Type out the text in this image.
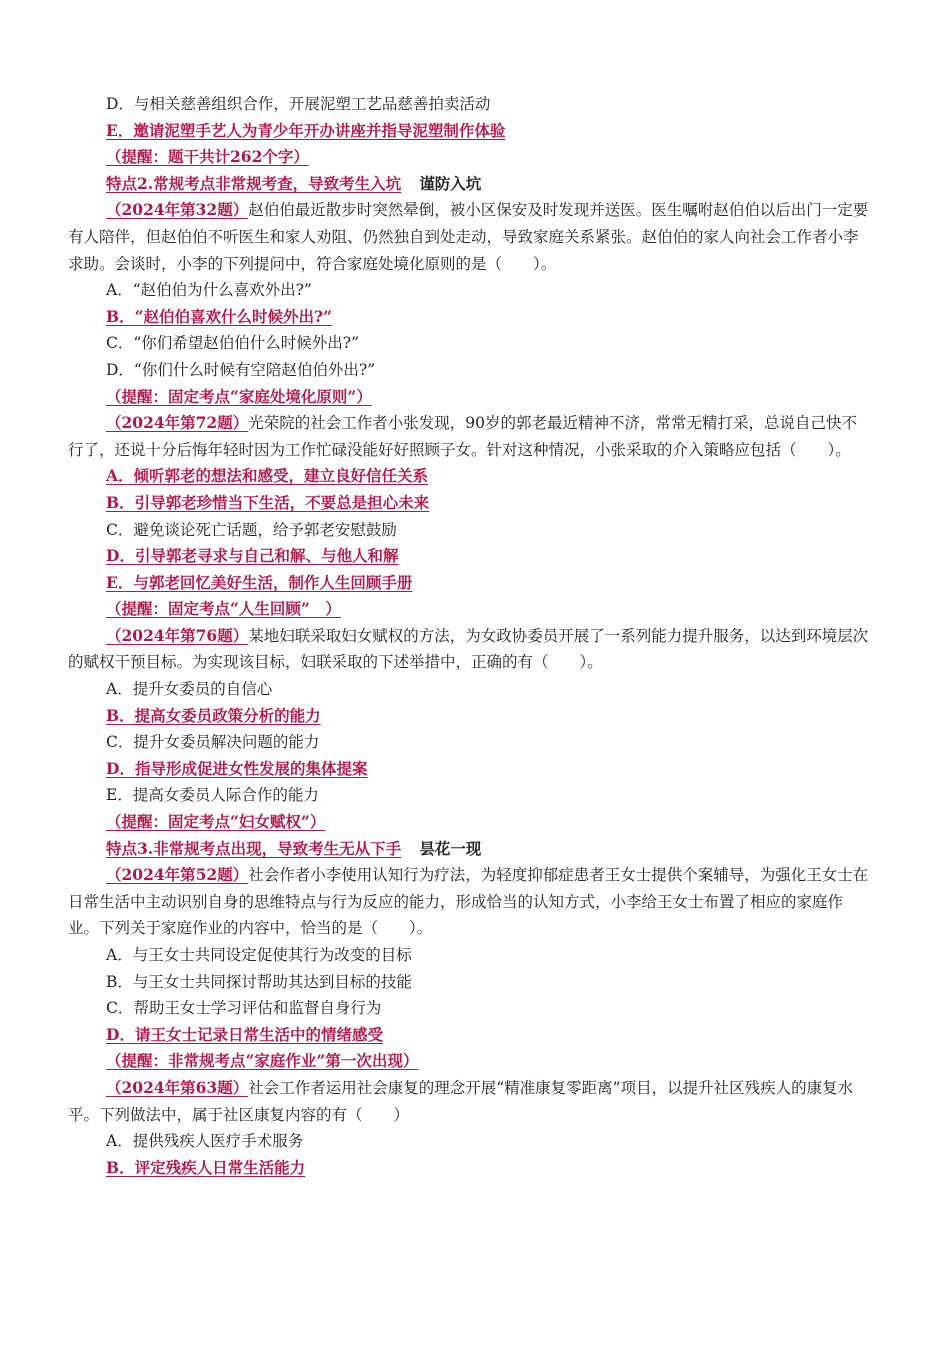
D．与相关慈善组织合作，开展泥塑工艺品慈善拍卖活动
E．邀请泥塑手艺人为青少年开办讲座并指导泥塑制作体验
（提醒：题干共计262个字）
特点2.常规考点非常规考查，导致考生入坑 谨防入坑
（2024年第32题）赵伯伯最近散步时突然晕倒，被小区保安及时发现并送医。医生嘱咐赵伯伯以后出门一定要有人陪伴，但赵伯伯不听医生和家人劝阻、仍然独自到处走动，导致家庭关系紧张。赵伯伯的家人向社会工作者小李求助。会谈时，小李的下列提问中，符合家庭处境化原则的是（　　）。
A．“赵伯伯为什么喜欢外出?”
B．“赵伯伯喜欢什么时候外出?”
C．“你们希望赵伯伯什么时候外出?”
D．“你们什么时候有空陪赵伯伯外出?”
（提醒：固定考点“家庭处境化原则”）
（2024年第72题）光荣院的社会工作者小张发现，90岁的郭老最近精神不济，常常无精打采，总说自己快不行了，还说十分后悔年轻时因为工作忙碌没能好好照顾子女。针对这种情况，小张采取的介入策略应包括（　　）。
A．倾听郭老的想法和感受，建立良好信任关系
B．引导郭老珍惜当下生活，不要总是担心未来
C．避免谈论死亡话题，给予郭老安慰鼓励
D．引导郭老寻求与自己和解、与他人和解
E．与郭老回忆美好生活，制作人生回顾手册
（提醒：固定考点“人生回顾”　）
（2024年第76题）某地妇联采取妇女赋权的方法，为女政协委员开展了一系列能力提升服务，以达到环境层次的赋权干预目标。为实现该目标，妇联采取的下述举措中，正确的有（　　）。
A．提升女委员的自信心
B．提高女委员政策分析的能力
C．提升女委员解决问题的能力
D．指导形成促进女性发展的集体提案
E．提高女委员人际合作的能力
（提醒：固定考点“妇女赋权”）
特点3.非常规考点出现，导致考生无从下手 昙花一现
（2024年第52题）社会作者小李使用认知行为疗法，为轻度抑郁症患者王女士提供个案辅导，为强化王女士在日常生活中主动识别自身的思维特点与行为反应的能力，形成恰当的认知方式，小李给王女士布置了相应的家庭作业。下列关于家庭作业的内容中，恰当的是（　　）。
A．与王女士共同设定促使其行为改变的目标
B．与王女士共同探讨帮助其达到目标的技能
C．帮助王女士学习评估和监督自身行为
D．请王女士记录日常生活中的情绪感受
（提醒：非常规考点“家庭作业”第一次出现）
（2024年第63题）社会工作者运用社会康复的理念开展“精准康复零距离”项目，以提升社区残疾人的康复水平。下列做法中，属于社区康复内容的有（　　）
A．提供残疾人医疗手术服务
B．评定残疾人日常生活能力
